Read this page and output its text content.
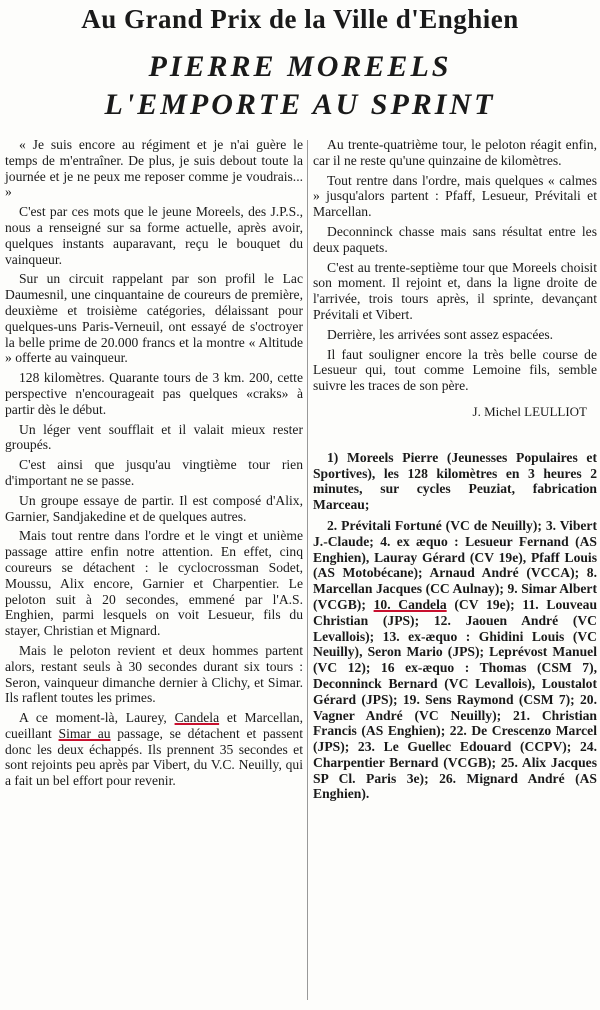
Au Grand Prix de la Ville d'Enghien
PIERRE MOREELS
L'EMPORTE AU SPRINT

« Je suis encore au régiment et je n'ai guère le temps de m'entraîner. De plus, je suis debout toute la journée et je ne peux me reposer comme je voudrais... »

C'est par ces mots que le jeune Moreels, des J.P.S., nous a renseigné sur sa forme actuelle, après avoir, quelques instants auparavant, reçu le bouquet du vainqueur.

Sur un circuit rappelant par son profil le Lac Daumesnil, une cinquantaine de coureurs de première, deuxième et troisième catégories, délaissant pour quelques-uns Paris-Verneuil, ont essayé de s'octroyer la belle prime de 20.000 francs et la montre « Altitude » offerte au vainqueur.

128 kilomètres. Quarante tours de 3 km. 200, cette perspective n'encourageait pas quelques «craks» à partir dès le début.

Un léger vent soufflait et il valait mieux rester groupés.

C'est ainsi que jusqu'au vingtième tour rien d'important ne se passe.

Un groupe essaye de partir. Il est composé d'Alix, Garnier, Sandjakedine et de quelques autres.

Mais tout rentre dans l'ordre et le vingt et unième passage attire enfin notre attention. En effet, cinq coureurs se détachent : le cyclocrossman Sodet, Moussu, Alix encore, Garnier et Charpentier. Le peloton suit à 20 secondes, emmené par l'A.S. Enghien, parmi lesquels on voit Lesueur, fils du stayer, Christian et Mignard.

Mais le peloton revient et deux hommes partent alors, restant seuls à 30 secondes durant six tours : Seron, vainqueur dimanche dernier à Clichy, et Simar. Ils raflent toutes les primes.

A ce moment-là, Laurey, Candela et Marcellan, cueillant Simar au passage, se détachent et passent donc les deux échappés. Ils prennent 35 secondes et sont rejoints peu après par Vibert, du V.C. Neuilly, qui a fait un bel effort pour revenir.

Au trente-quatrième tour, le peloton réagit enfin, car il ne reste qu'une quinzaine de kilomètres.

Tout rentre dans l'ordre, mais quelques « calmes » jusqu'alors partent : Pfaff, Lesueur, Prévitali et Marcellan.

Deconninck chasse mais sans résultat entre les deux paquets.

C'est au trente-septième tour que Moreels choisit son moment. Il rejoint et, dans la ligne droite de l'arrivée, trois tours après, il sprinte, devançant Prévitali et Vibert.

Derrière, les arrivées sont assez espacées.

Il faut souligner encore la très belle course de Lesueur qui, tout comme Lemoine fils, semble suivre les traces de son père.

J. Michel LEULLIOT

1) Moreels Pierre (Jeunesses Populaires et Sportives), les 128 kilomètres en 3 heures 2 minutes, sur cycles Peuziat, fabrication Marceau;

2. Prévitali Fortuné (VC de Neuilly); 3. Vibert J.-Claude; 4. ex æquo : Lesueur Fernand (AS Enghien), Lauray Gérard (CV 19e), Pfaff Louis (AS Motobécane); Arnaud André (VCCA); 8. Marcellan Jacques (CC Aulnay); 9. Simar Albert (VCGB); 10. Candela (CV 19e); 11. Louveau Christian (JPS); 12. Jaouen André (VC Levallois); 13. ex-æquo : Ghidini Louis (VC Neuilly), Seron Mario (JPS); Leprévost Manuel (VC 12); 16 ex-æquo : Thomas (CSM 7), Deconninck Bernard (VC Levallois), Loustalot Gérard (JPS); 19. Sens Raymond (CSM 7); 20. Vagner André (VC Neuilly); 21. Christian Francis (AS Enghien); 22. De Crescenzo Marcel (JPS); 23. Le Guellec Edouard (CCPV); 24. Charpentier Bernard (VCGB); 25. Alix Jacques SP Cl. Paris 3e); 26. Mignard André (AS Enghien).
